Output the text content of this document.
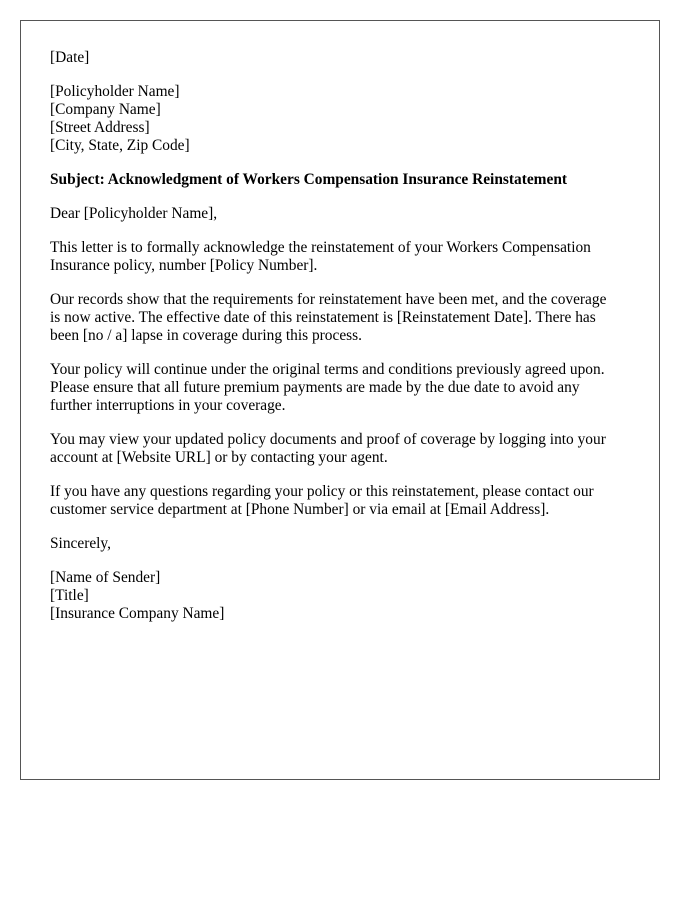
[Date]
[Policyholder Name]
[Company Name]
[Street Address]
[City, State, Zip Code]
Subject: Acknowledgment of Workers Compensation Insurance Reinstatement
Dear [Policyholder Name],
This letter is to formally acknowledge the reinstatement of your Workers Compensation
Insurance policy, number [Policy Number].
Our records show that the requirements for reinstatement have been met, and the coverage
is now active. The effective date of this reinstatement is [Reinstatement Date]. There has
been [no / a] lapse in coverage during this process.
Your policy will continue under the original terms and conditions previously agreed upon.
Please ensure that all future premium payments are made by the due date to avoid any
further interruptions in your coverage.
You may view your updated policy documents and proof of coverage by logging into your
account at [Website URL] or by contacting your agent.
If you have any questions regarding your policy or this reinstatement, please contact our
customer service department at [Phone Number] or via email at [Email Address].
Sincerely,
[Name of Sender]
[Title]
[Insurance Company Name]
